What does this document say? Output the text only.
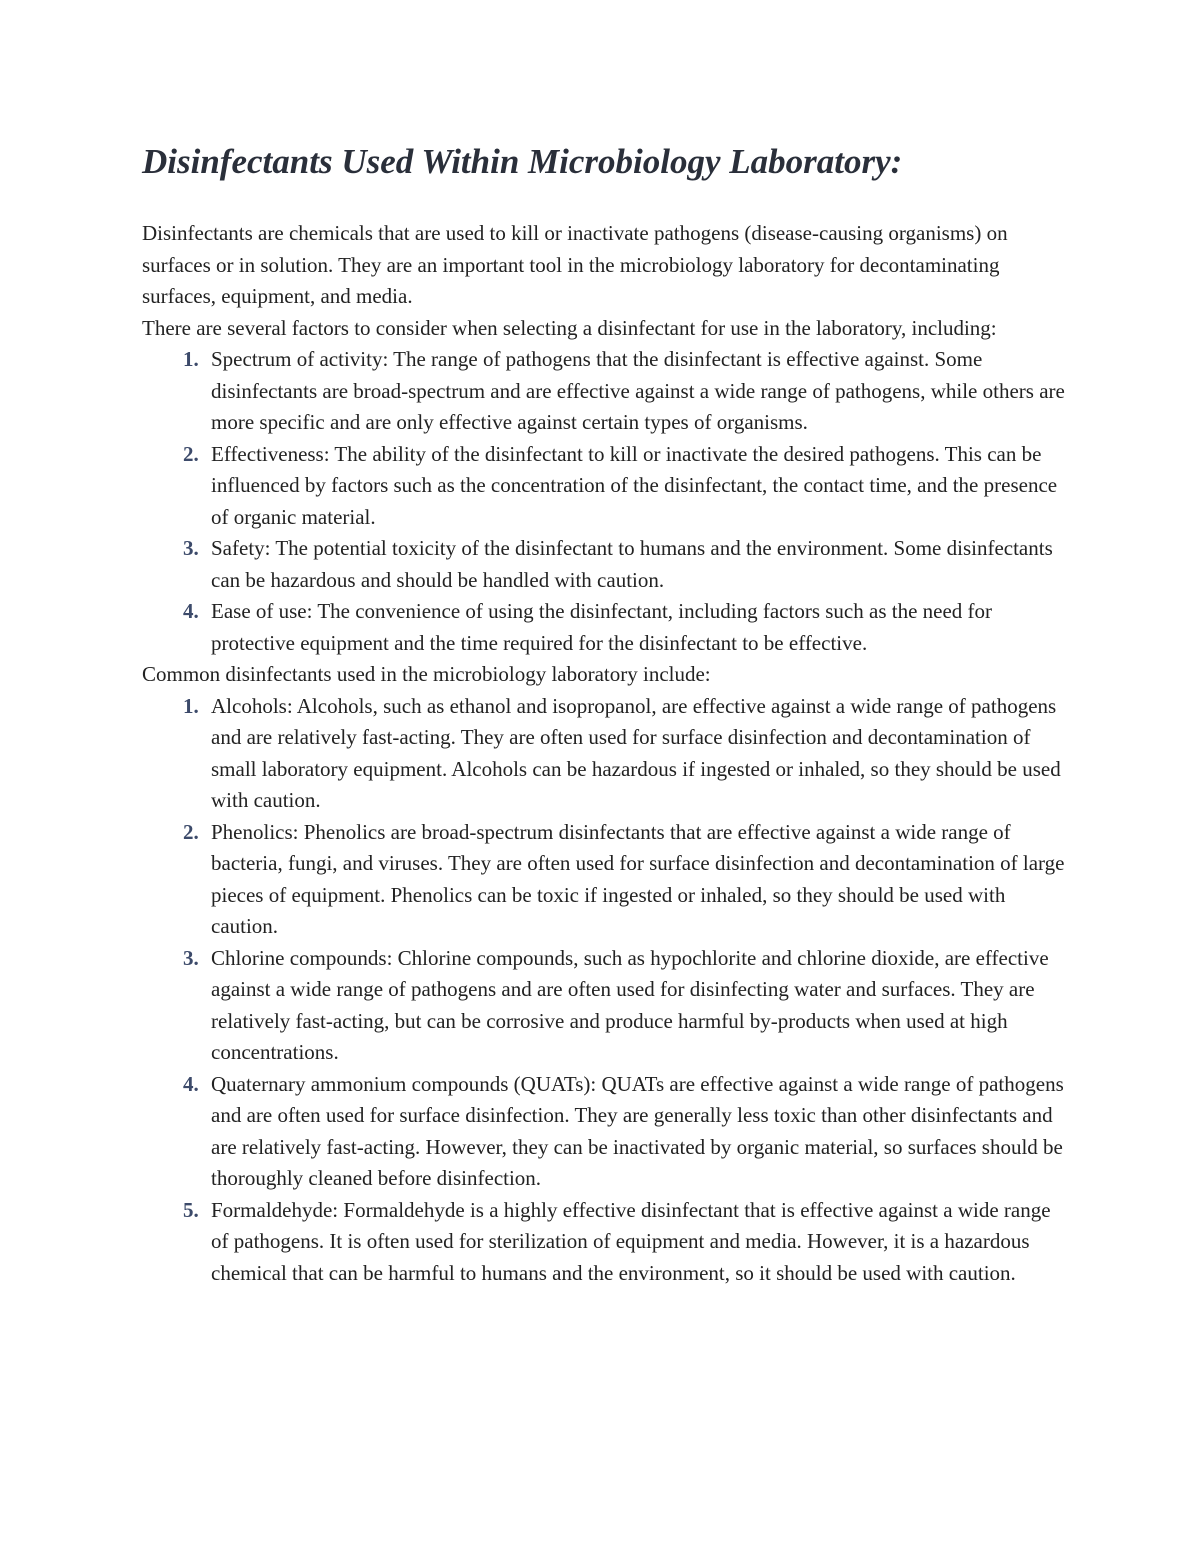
Disinfectants Used Within Microbiology Laboratory:

Disinfectants are chemicals that are used to kill or inactivate pathogens (disease-causing organisms) on surfaces or in solution. They are an important tool in the microbiology laboratory for decontaminating surfaces, equipment, and media.

There are several factors to consider when selecting a disinfectant for use in the laboratory, including:

1. Spectrum of activity: The range of pathogens that the disinfectant is effective against. Some disinfectants are broad-spectrum and are effective against a wide range of pathogens, while others are more specific and are only effective against certain types of organisms.
2. Effectiveness: The ability of the disinfectant to kill or inactivate the desired pathogens. This can be influenced by factors such as the concentration of the disinfectant, the contact time, and the presence of organic material.
3. Safety: The potential toxicity of the disinfectant to humans and the environment. Some disinfectants can be hazardous and should be handled with caution.
4. Ease of use: The convenience of using the disinfectant, including factors such as the need for protective equipment and the time required for the disinfectant to be effective.

Common disinfectants used in the microbiology laboratory include:

1. Alcohols: Alcohols, such as ethanol and isopropanol, are effective against a wide range of pathogens and are relatively fast-acting. They are often used for surface disinfection and decontamination of small laboratory equipment. Alcohols can be hazardous if ingested or inhaled, so they should be used with caution.
2. Phenolics: Phenolics are broad-spectrum disinfectants that are effective against a wide range of bacteria, fungi, and viruses. They are often used for surface disinfection and decontamination of large pieces of equipment. Phenolics can be toxic if ingested or inhaled, so they should be used with caution.
3. Chlorine compounds: Chlorine compounds, such as hypochlorite and chlorine dioxide, are effective against a wide range of pathogens and are often used for disinfecting water and surfaces. They are relatively fast-acting, but can be corrosive and produce harmful by-products when used at high concentrations.
4. Quaternary ammonium compounds (QUATs): QUATs are effective against a wide range of pathogens and are often used for surface disinfection. They are generally less toxic than other disinfectants and are relatively fast-acting. However, they can be inactivated by organic material, so surfaces should be thoroughly cleaned before disinfection.
5. Formaldehyde: Formaldehyde is a highly effective disinfectant that is effective against a wide range of pathogens. It is often used for sterilization of equipment and media. However, it is a hazardous chemical that can be harmful to humans and the environment, so it should be used with caution.
